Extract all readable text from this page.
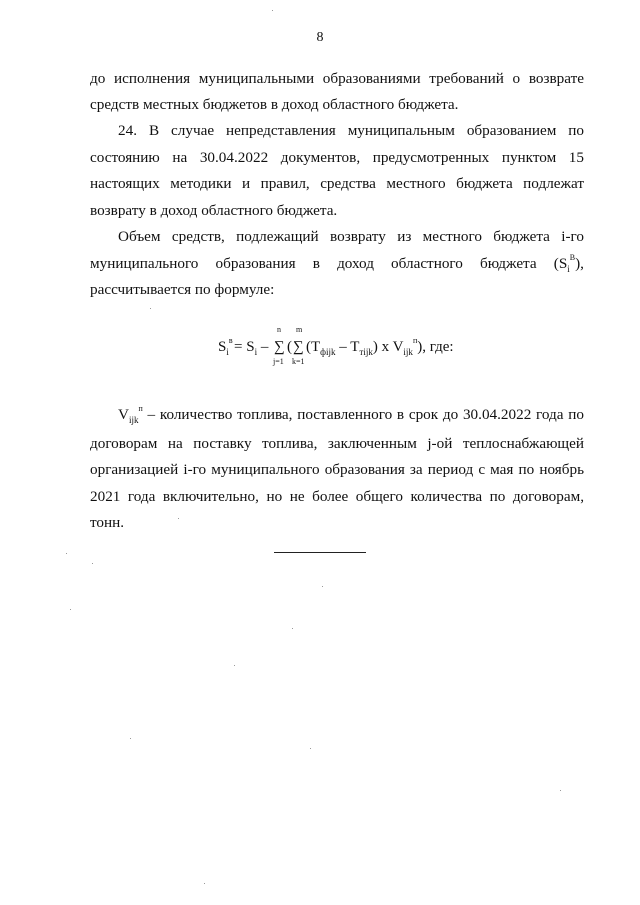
8

до исполнения муниципальными образованиями требований о возврате

средств местных бюджетов в доход областного бюджета.

24. В случае непредставления муниципальным образованием по состоянию на 30.04.2022 документов, предусмотренных пунктом 15 настоящих методики и правил, средства местного бюджета подлежат возврату в доход областного бюджета.

Объем средств, подлежащий возврату из местного бюджета i-го муниципального образования в доход областного бюджета $(S_i^В)$,

рассчитывается по формуле:

$S_i^в = S_i$ – ∑
n
j=1
( ∑
m
k=1
$(T_{фijk} - T_{тijk})$ x $V_{ijk}^п$), где:

$V_{ijk}^п$ – количество топлива, поставленного в срок до 30.04.2022 года по договорам на поставку топлива, заключенным j-ой теплоснабжающей организацией i-го муниципального образования за период с мая по ноябрь 2021 года включительно, но не более общего количества по договорам, тонн.
